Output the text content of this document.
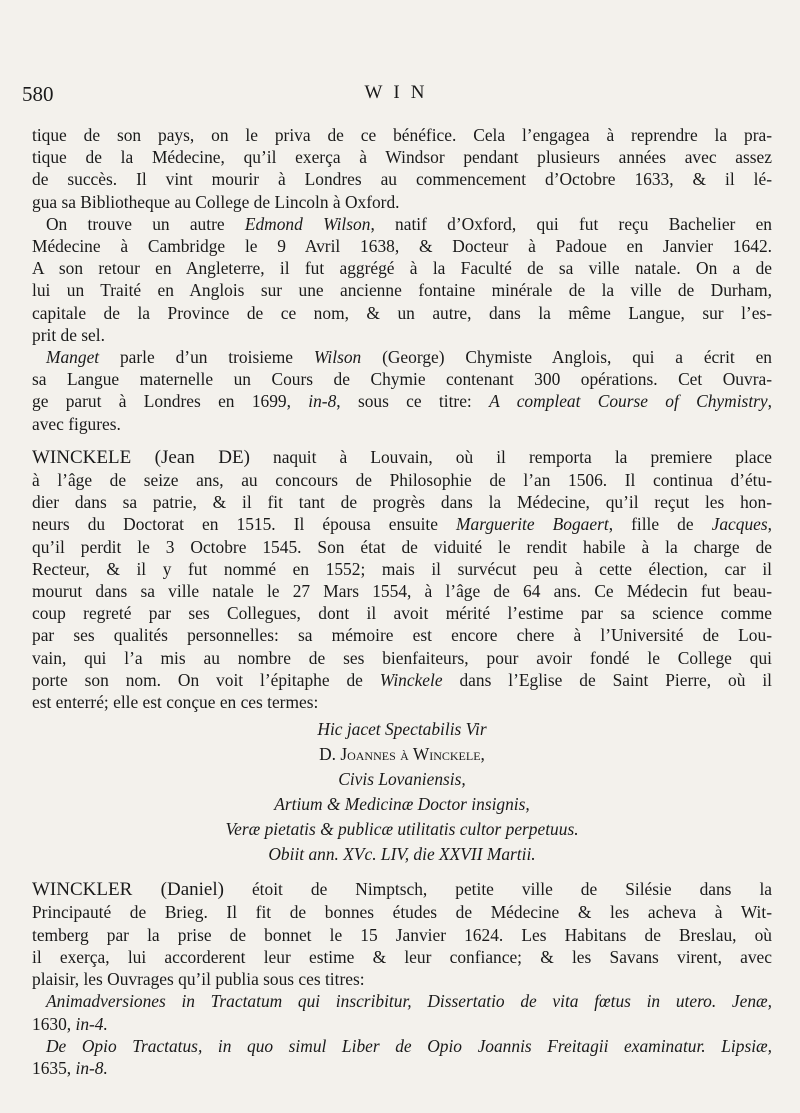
580	WIN
tique de son pays, on le priva de ce bénéfice. Cela l’engagea à reprendre la pra-
tique de la Médecine, qu’il exerça à Windsor pendant plusieurs années avec assez
de succès. Il vint mourir à Londres au commencement d’Octobre 1633, & il lé-
gua sa Bibliotheque au College de Lincoln à Oxford.
On trouve un autre Edmond Wilson, natif d’Oxford, qui fut reçu Bachelier en
Médecine à Cambridge le 9 Avril 1638, & Docteur à Padoue en Janvier 1642.
A son retour en Angleterre, il fut aggrégé à la Faculté de sa ville natale. On a de
lui un Traité en Anglois sur une ancienne fontaine minérale de la ville de Durham,
capitale de la Province de ce nom, & un autre, dans la même Langue, sur l’es-
prit de sel.
Manget parle d’un troisieme Wilson (George) Chymiste Anglois, qui a écrit en
sa Langue maternelle un Cours de Chymie contenant 300 opérations. Cet Ouvra-
ge parut à Londres en 1699, in-8, sous ce titre: A compleat Course of Chymistry,
avec figures.
WINCKELE (Jean DE) naquit à Louvain, où il remporta la premiere place
à l’âge de seize ans, au concours de Philosophie de l’an 1506. Il continua d’étu-
dier dans sa patrie, & il fit tant de progrès dans la Médecine, qu’il reçut les hon-
neurs du Doctorat en 1515. Il épousa ensuite Marguerite Bogaert, fille de Jacques,
qu’il perdit le 3 Octobre 1545. Son état de viduité le rendit habile à la charge de
Recteur, & il y fut nommé en 1552; mais il survécut peu à cette élection, car il
mourut dans sa ville natale le 27 Mars 1554, à l’âge de 64 ans. Ce Médecin fut beau-
coup regreté par ses Collegues, dont il avoit mérité l’estime par sa science comme
par ses qualités personnelles: sa mémoire est encore chere à l’Université de Lou-
vain, qui l’a mis au nombre de ses bienfaiteurs, pour avoir fondé le College qui
porte son nom. On voit l’épitaphe de Winckele dans l’Eglise de Saint Pierre, où il
est enterré; elle est conçue en ces termes:
Hic jacet Spectabilis Vir
D. Joannes à Winckele,
Civis Lovaniensis,
Artium & Medicinæ Doctor insignis,
Veræ pietatis & publicæ utilitatis cultor perpetuus.
Obiit ann. XVc. LIV, die XXVII Martii.
WINCKLER (Daniel) étoit de Nimptsch, petite ville de Silésie dans la
Principauté de Brieg. Il fit de bonnes études de Médecine & les acheva à Wit-
temberg par la prise de bonnet le 15 Janvier 1624. Les Habitans de Breslau, où
il exerça, lui accorderent leur estime & leur confiance; & les Savans virent, avec
plaisir, les Ouvrages qu’il publia sous ces titres:
Animadversiones in Tractatum qui inscribitur, Dissertatio de vita fœtus in utero. Jenæ,
1630, in-4.
De Opio Tractatus, in quo simul Liber de Opio Joannis Freitagii examinatur. Lipsiæ,
1635, in-8.
